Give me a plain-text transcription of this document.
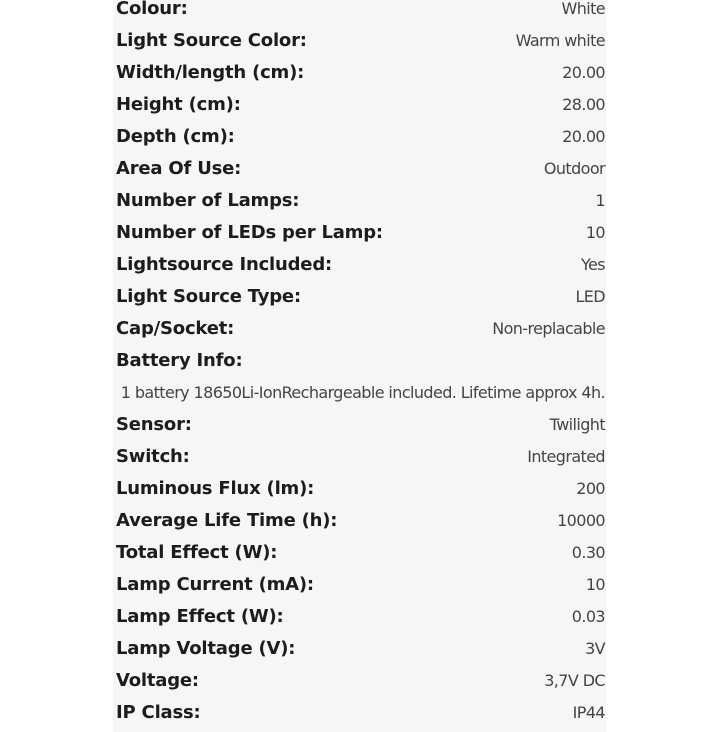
Colour:	White
Light Source Color:	Warm white
Width/length (cm):	20.00
Height (cm):	28.00
Depth (cm):	20.00
Area Of Use:	Outdoor
Number of Lamps:	1
Number of LEDs per Lamp:	10
Lightsource Included:	Yes
Light Source Type:	LED
Cap/Socket:	Non-replacable
Battery Info:
1 battery 18650Li-IonRechargeable included. Lifetime approx 4h.
Sensor:	Twilight
Switch:	Integrated
Luminous Flux (lm):	200
Average Life Time (h):	10000
Total Effect (W):	0.30
Lamp Current (mA):	10
Lamp Effect (W):	0.03
Lamp Voltage (V):	3V
Voltage:	3,7V DC
IP Class:	IP44
